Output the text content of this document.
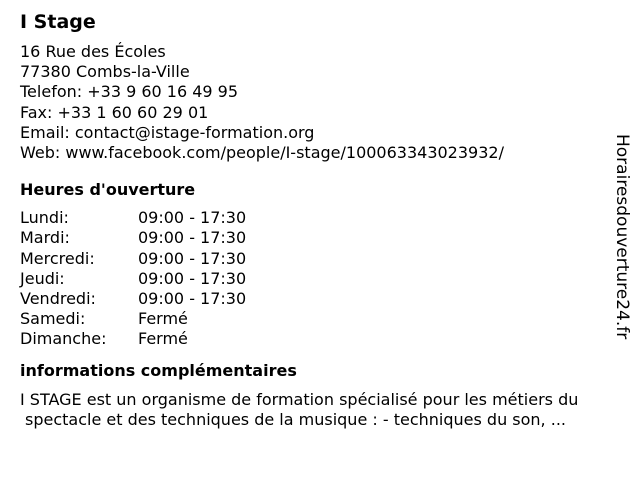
I Stage
16 Rue des Écoles
77380 Combs-la-Ville
Telefon: +33 9 60 16 49 95
Fax: +33 1 60 60 29 01
Email: contact@istage-formation.org
Web: www.facebook.com/people/I-stage/100063343023932/
Heures d'ouverture
Lundi:	09:00 - 17:30
Mardi:	09:00 - 17:30
Mercredi:	09:00 - 17:30
Jeudi:	09:00 - 17:30
Vendredi:	09:00 - 17:30
Samedi:	Fermé
Dimanche:	Fermé
informations complémentaires
I STAGE est un organisme de formation spécialisé pour les métiers du
spectacle et des techniques de la musique : - techniques du son, ...
Horairesdouverture24.fr
